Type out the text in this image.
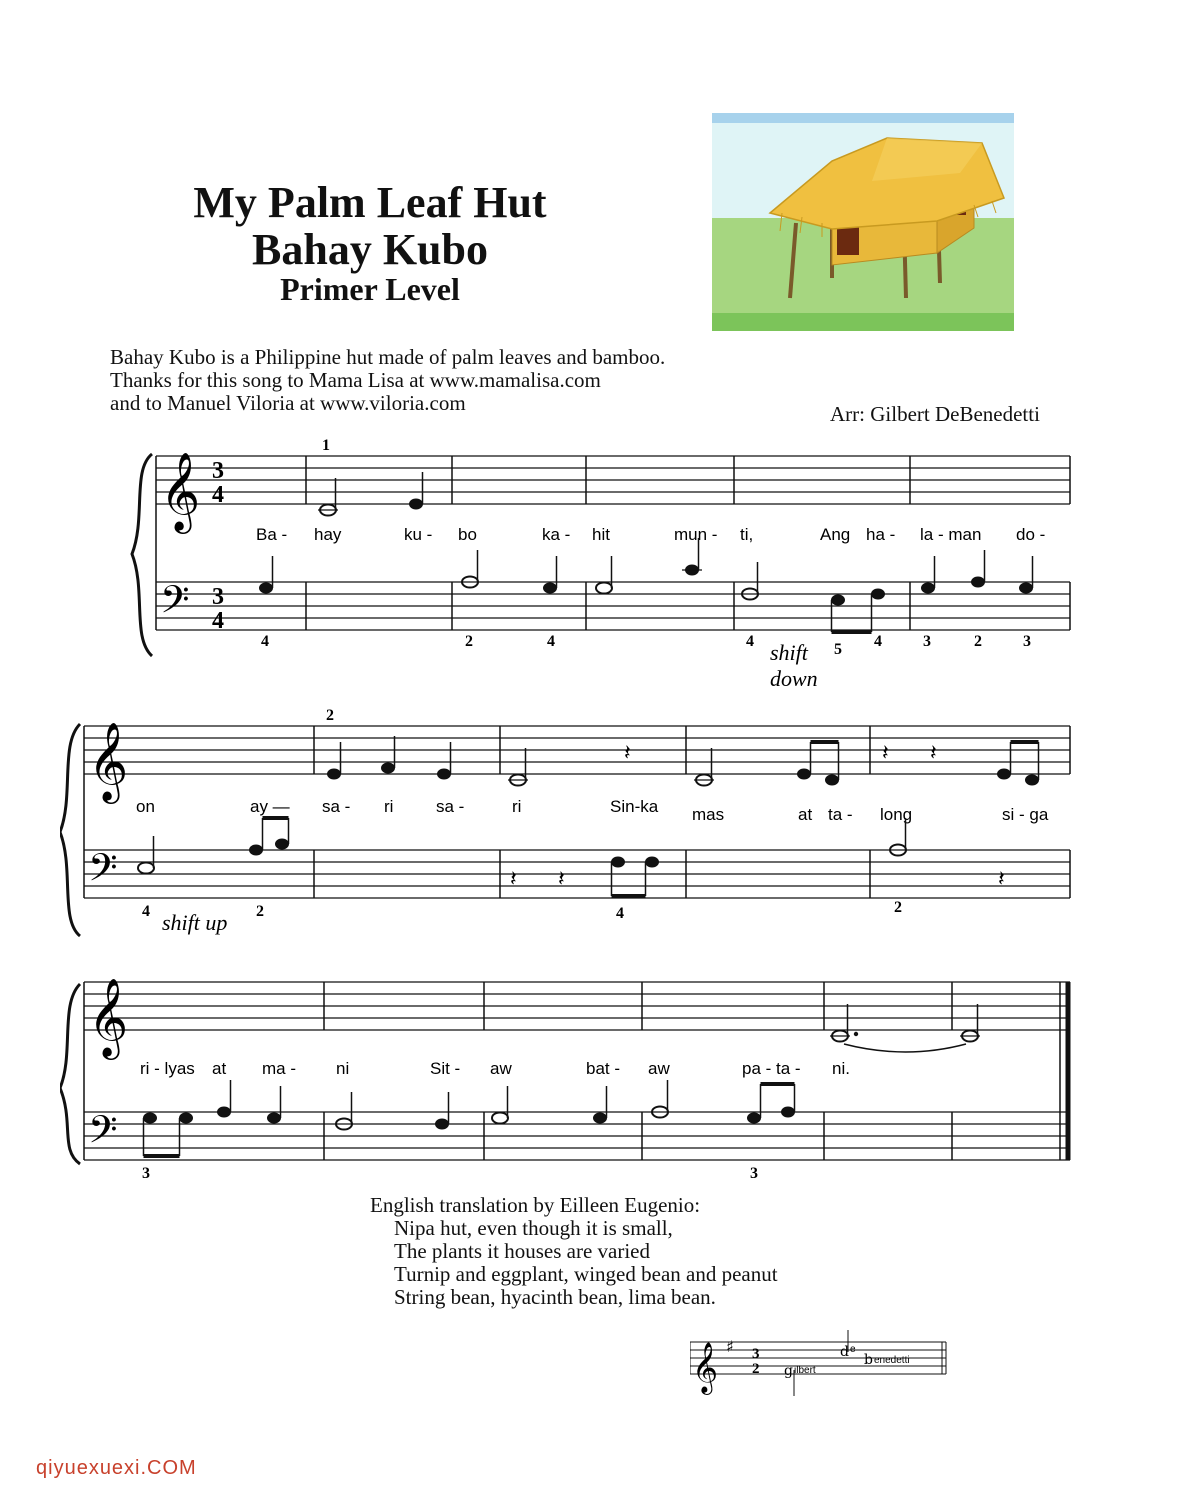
My Palm Leaf Hut
Bahay Kubo
Primer Level
Bahay Kubo is a Philippine hut made of palm leaves and bamboo.
Thanks for this song to Mama Lisa at www.mamalisa.com
and to Manuel Viloria at www.viloria.com	Arr: Gilbert DeBenedetti
𝄞
𝄢
3
4
3
4
1
Ba - hay	ku - bo	ka - hit	mun - ti,	Ang ha - la - man do -
4	2	4	4	5 4	3	2	3
shift
down
𝄞
𝄢
2
𝄽	𝄽 𝄽
on	ay — sa - ri	sa -	ri	Sin-ka mas	at ta - long	si - ga
𝄽 𝄽	𝄽
4	2	4	2
shift up
𝄞
𝄢
ri - lyas at ma - ni	Sit - aw	bat - aw	pa - ta - ni.
3	3
English translation by Eilleen Eugenio:
Nipa hut, even though it is small,
The plants it houses are varied
Turnip and eggplant, winged bean and peanut
String bean, hyacinth bean, lima bean.
𝄞 ♯ 3
2 g ilbert
d e
b enedetti
qiyuexuexi.COM
